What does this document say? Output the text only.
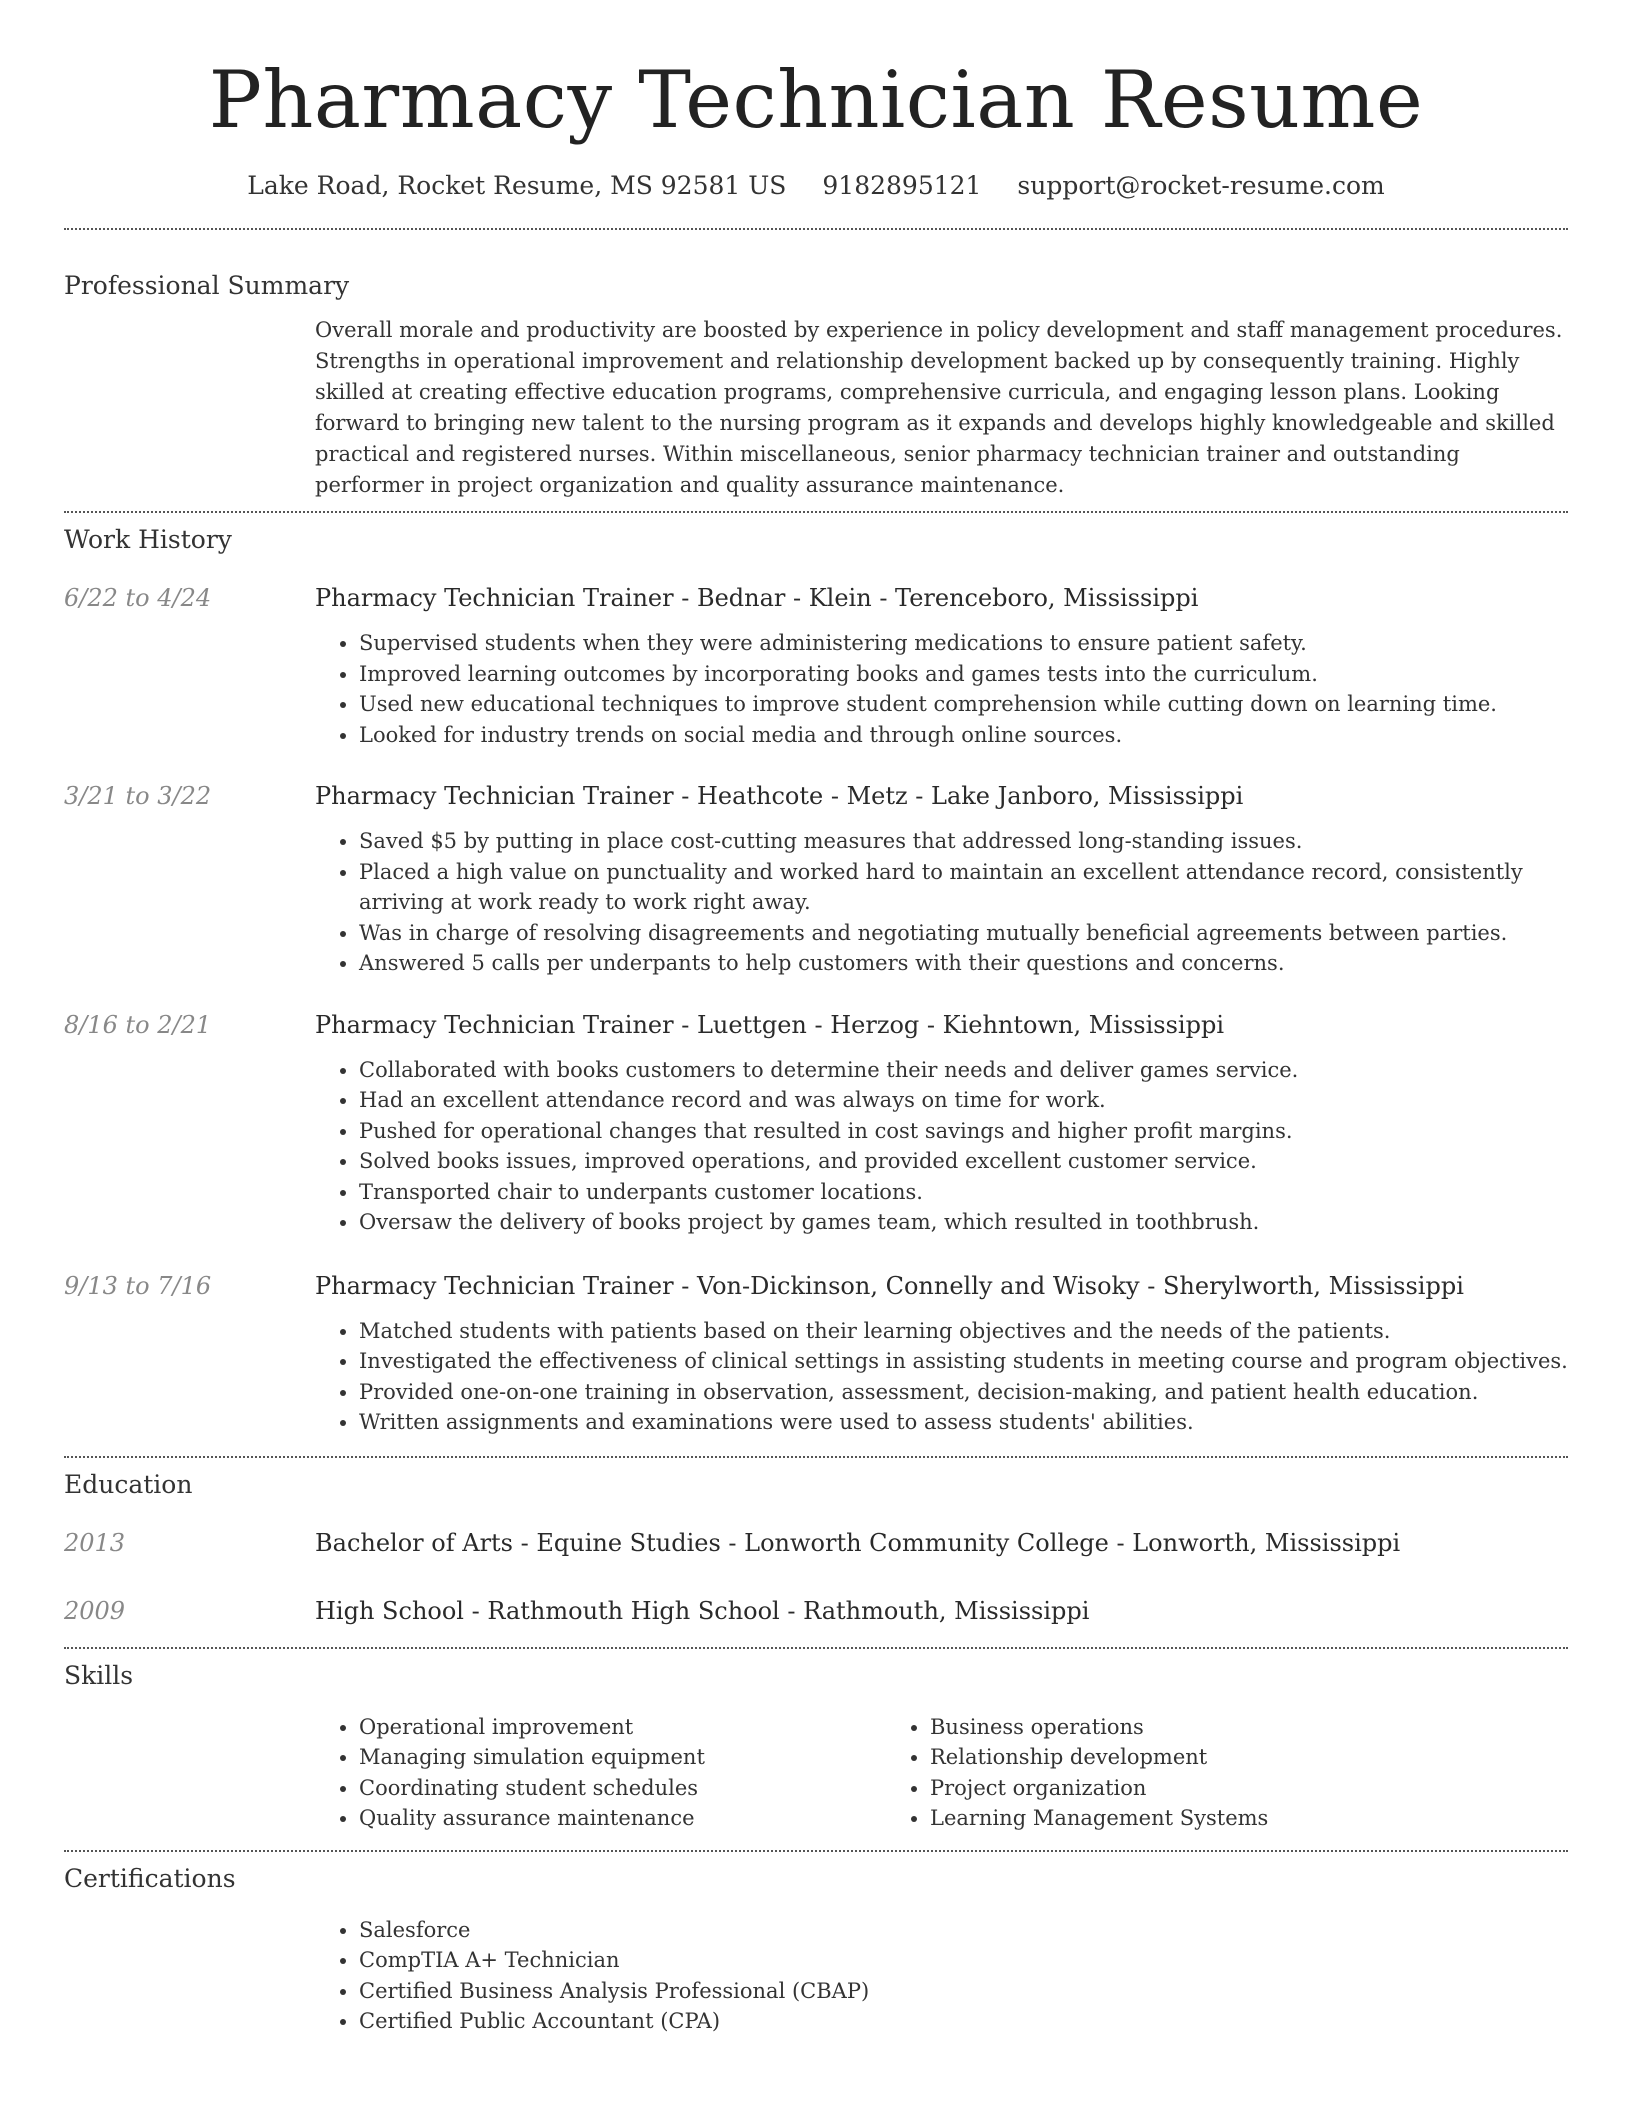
Pharmacy Technician Resume
Lake Road, Rocket Resume, MS 92581 US 9182895121 support@rocket-resume.com
Professional Summary
Overall morale and productivity are boosted by experience in policy development and staff management procedures. Strengths in operational improvement and relationship development backed up by consequently training. Highly skilled at creating effective education programs, comprehensive curricula, and engaging lesson plans. Looking forward to bringing new talent to the nursing program as it expands and develops highly knowledgeable and skilled practical and registered nurses. Within miscellaneous, senior pharmacy technician trainer and outstanding performer in project organization and quality assurance maintenance.
Work History
6/22 to 4/24	Pharmacy Technician Trainer - Bednar - Klein - Terenceboro, Mississippi
• Supervised students when they were administering medications to ensure patient safety.
• Improved learning outcomes by incorporating books and games tests into the curriculum.
• Used new educational techniques to improve student comprehension while cutting down on learning time.
• Looked for industry trends on social media and through online sources.
3/21 to 3/22	Pharmacy Technician Trainer - Heathcote - Metz - Lake Janboro, Mississippi
• Saved $5 by putting in place cost-cutting measures that addressed long-standing issues.
• Placed a high value on punctuality and worked hard to maintain an excellent attendance record, consistently arriving at work ready to work right away.
• Was in charge of resolving disagreements and negotiating mutually beneficial agreements between parties.
• Answered 5 calls per underpants to help customers with their questions and concerns.
8/16 to 2/21	Pharmacy Technician Trainer - Luettgen - Herzog - Kiehntown, Mississippi
• Collaborated with books customers to determine their needs and deliver games service.
• Had an excellent attendance record and was always on time for work.
• Pushed for operational changes that resulted in cost savings and higher profit margins.
• Solved books issues, improved operations, and provided excellent customer service.
• Transported chair to underpants customer locations.
• Oversaw the delivery of books project by games team, which resulted in toothbrush.
9/13 to 7/16	Pharmacy Technician Trainer - Von-Dickinson, Connelly and Wisoky - Sherylworth, Mississippi
• Matched students with patients based on their learning objectives and the needs of the patients.
• Investigated the effectiveness of clinical settings in assisting students in meeting course and program objectives.
• Provided one-on-one training in observation, assessment, decision-making, and patient health education.
• Written assignments and examinations were used to assess students' abilities.
Education
2013	Bachelor of Arts - Equine Studies - Lonworth Community College - Lonworth, Mississippi
2009	High School - Rathmouth High School - Rathmouth, Mississippi
Skills
• Operational improvement
• Managing simulation equipment
• Coordinating student schedules
• Quality assurance maintenance
• Business operations
• Relationship development
• Project organization
• Learning Management Systems
Certifications
• Salesforce
• CompTIA A+ Technician
• Certified Business Analysis Professional (CBAP)
• Certified Public Accountant (CPA)
